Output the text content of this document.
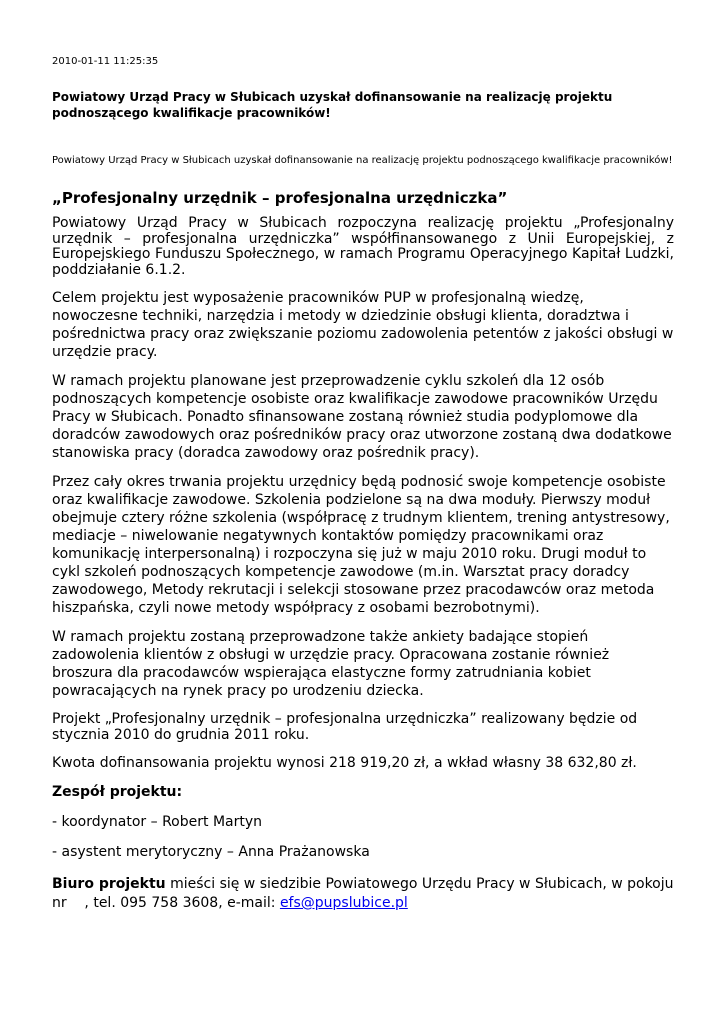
2010-01-11 11:25:35
Powiatowy Urząd Pracy w Słubicach uzyskał dofinansowanie na realizację projektu podnoszącego kwalifikacje pracowników!
Powiatowy Urząd Pracy w Słubicach uzyskał dofinansowanie na realizację projektu podnoszącego kwalifikacje pracowników!
„Profesjonalny urzędnik – profesjonalna urzędniczka”

Powiatowy Urząd Pracy w Słubicach rozpoczyna realizację projektu „Profesjonalny urzędnik – profesjonalna urzędniczka” współfinansowanego z Unii Europejskiej, z Europejskiego Funduszu Społecznego, w ramach Programu Operacyjnego Kapitał Ludzki, poddziałanie 6.1.2.

Celem projektu jest wyposażenie pracowników PUP w profesjonalną wiedzę, nowoczesne techniki, narzędzia i metody w dziedzinie obsługi klienta, doradztwa i pośrednictwa pracy oraz zwiększanie poziomu zadowolenia petentów z jakości obsługi w urzędzie pracy.

W ramach projektu planowane jest przeprowadzenie cyklu szkoleń dla 12 osób podnoszących kompetencje osobiste oraz kwalifikacje zawodowe pracowników Urzędu Pracy w Słubicach. Ponadto sfinansowane zostaną również studia podyplomowe dla doradców zawodowych oraz pośredników pracy oraz utworzone zostaną dwa dodatkowe stanowiska pracy (doradca zawodowy oraz pośrednik pracy).

Przez cały okres trwania projektu urzędnicy będą podnosić swoje kompetencje osobiste oraz kwalifikacje zawodowe. Szkolenia podzielone są na dwa moduły. Pierwszy moduł obejmuje cztery różne szkolenia (współpracę z trudnym klientem, trening antystresowy, mediacje – niwelowanie negatywnych kontaktów pomiędzy pracownikami oraz komunikację interpersonalną) i rozpoczyna się już w maju 2010 roku. Drugi moduł to cykl szkoleń podnoszących kompetencje zawodowe (m.in. Warsztat pracy doradcy zawodowego, Metody rekrutacji i selekcji stosowane przez pracodawców oraz metoda hiszpańska, czyli nowe metody współpracy z osobami bezrobotnymi).

W ramach projektu zostaną przeprowadzone także ankiety badające stopień zadowolenia klientów z obsługi w urzędzie pracy. Opracowana zostanie również broszura dla pracodawców wspierająca elastyczne formy zatrudniania kobiet powracających na rynek pracy po urodzeniu dziecka.

Projekt „Profesjonalny urzędnik – profesjonalna urzędniczka” realizowany będzie od stycznia 2010 do grudnia 2011 roku.

Kwota dofinansowania projektu wynosi 218 919,20 zł, a wkład własny 38 632,80 zł.

Zespół projektu:
- koordynator – Robert Martyn
- asystent merytoryczny – Anna Prażanowska

Biuro projektu mieści się w siedzibie Powiatowego Urzędu Pracy w Słubicach, w pokoju nr    , tel. 095 758 3608, e-mail: efs@pupslubice.pl
